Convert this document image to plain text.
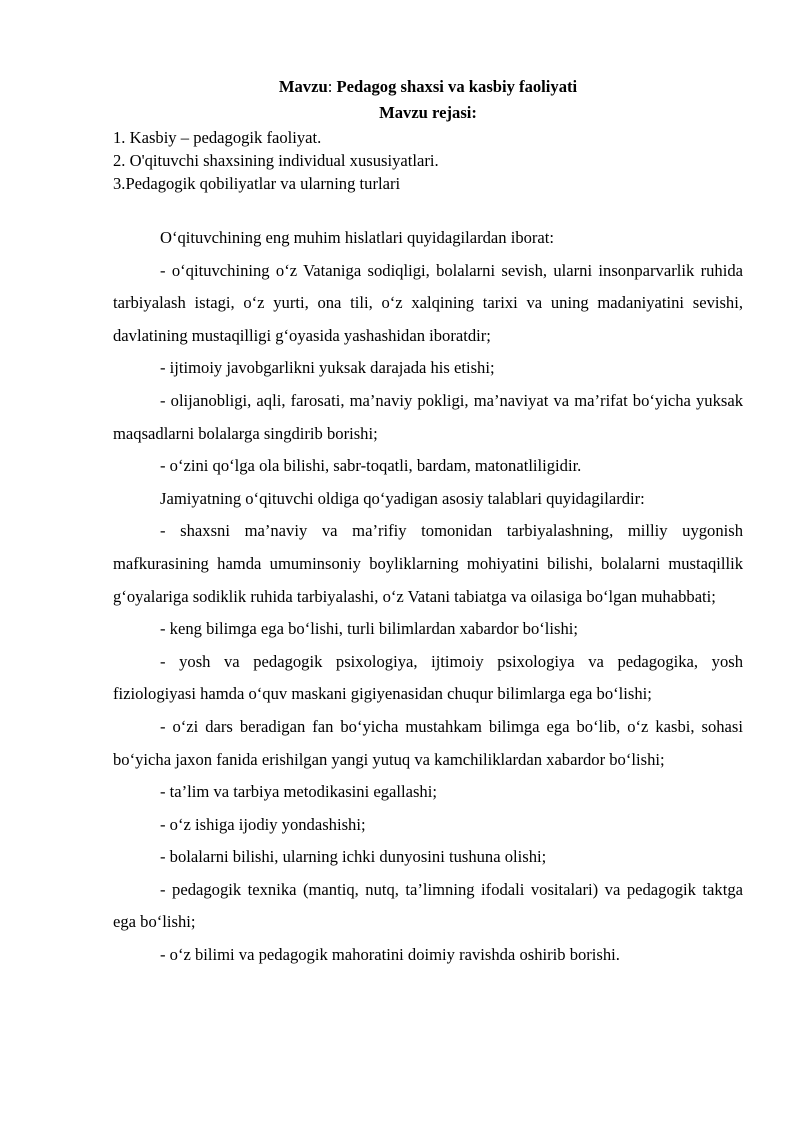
Mavzu: Pedagog shaxsi va kasbiy faoliyati

Mavzu rejasi:

1. Kasbiy – pedagogik faoliyat.

2. O'qituvchi shaxsining individual xususiyatlari.

3.Pedagogik qobiliyatlar va ularning turlari

O‘qituvchining eng muhim hislatlari quyidagilardan iborat:

- o‘qituvchining o‘z Vataniga sodiqligi, bolalarni sevish, ularni insonparvarlik ruhida tarbiyalash istagi, o‘z yurti, ona tili, o‘z xalqining tarixi va uning madaniyatini sevishi, davlatining mustaqilligi g‘oyasida yashashidan iboratdir;

- ijtimoiy javobgarlikni yuksak darajada his etishi;

- olijanobligi, aqli, farosati, ma’naviy pokligi, ma’naviyat va ma’rifat bo‘yicha yuksak maqsadlarni bolalarga singdirib borishi;

- o‘zini qo‘lga ola bilishi, sabr-toqatli, bardam, matonatliligidir.

Jamiyatning o‘qituvchi oldiga qo‘yadigan asosiy talablari quyidagilardir:

- shaxsni ma’naviy va ma’rifiy tomonidan tarbiyalashning, milliy uygonish mafkurasining hamda umuminsoniy boyliklarning mohiyatini bilishi, bolalarni mustaqillik g‘oyalariga sodiklik ruhida tarbiyalashi, o‘z Vatani tabiatga va oilasiga bo‘lgan muhabbati;

- keng bilimga ega bo‘lishi, turli bilimlardan xabardor bo‘lishi;

- yosh va pedagogik psixologiya, ijtimoiy psixologiya va pedagogika, yosh fiziologiyasi hamda o‘quv maskani gigiyenasidan chuqur bilimlarga ega bo‘lishi;

- o‘zi dars beradigan fan bo‘yicha mustahkam bilimga ega bo‘lib, o‘z kasbi, sohasi bo‘yicha jaxon fanida erishilgan yangi yutuq va kamchiliklardan xabardor bo‘lishi;

- ta’lim va tarbiya metodikasini egallashi;

- o‘z ishiga ijodiy yondashishi;

- bolalarni bilishi, ularning ichki dunyosini tushuna olishi;

- pedagogik texnika (mantiq, nutq, ta’limning ifodali vositalari) va pedagogik taktga ega bo‘lishi;

- o‘z bilimi va pedagogik mahoratini doimiy ravishda oshirib borishi.
